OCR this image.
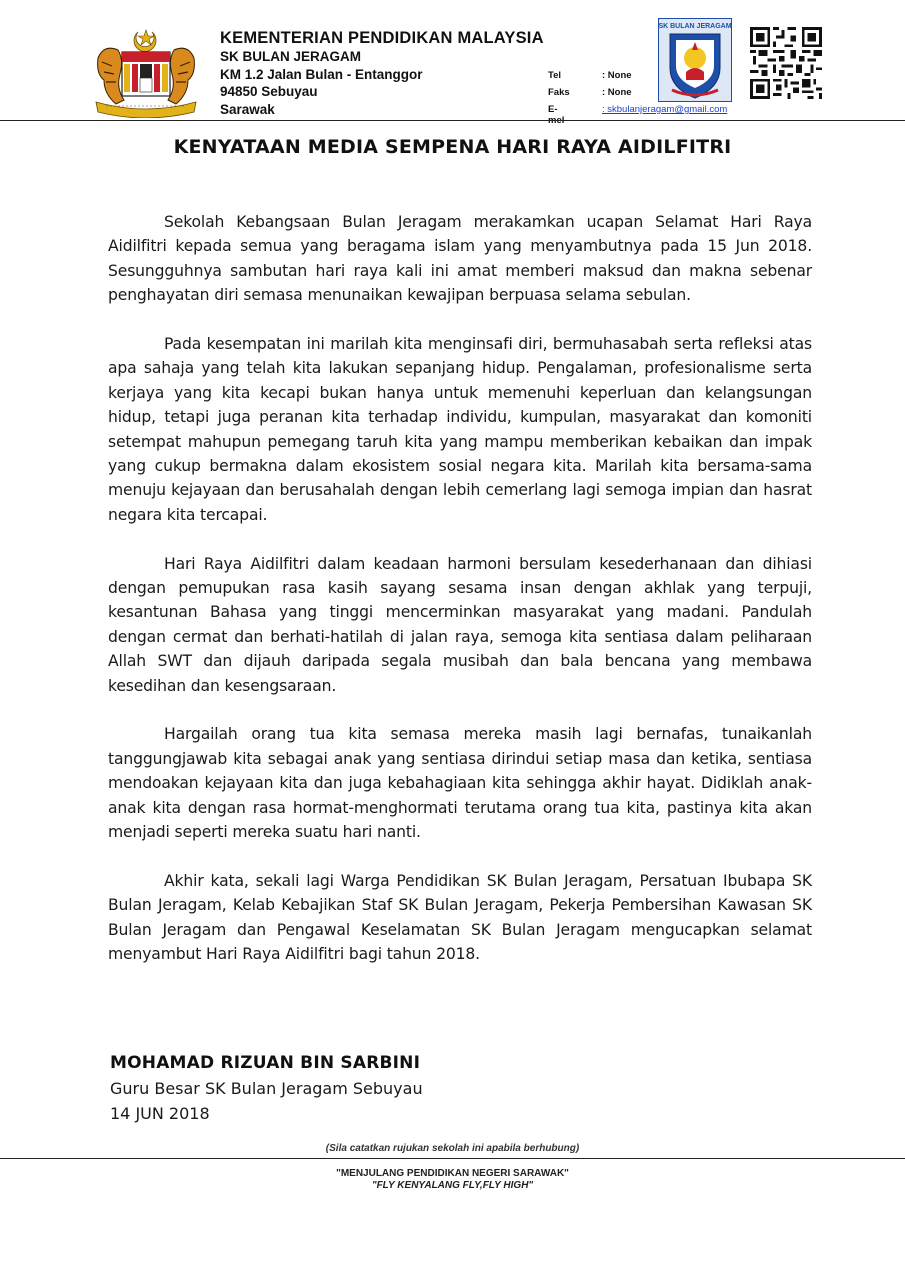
KEMENTERIAN PENDIDIKAN MALAYSIA
SK BULAN JERAGAM
KM 1.2 Jalan Bulan - Entanggor
94850 Sebuyau
Sarawak
Tel	: None
Faks	: None
E-mel
: skbulanjeragam@gmail.com
SK BULAN JERAGAM
KENYATAAN MEDIA SEMPENA HARI RAYA AIDILFITRI

Sekolah Kebangsaan Bulan Jeragam merakamkan ucapan Selamat Hari Raya Aidilfitri kepada semua yang beragama islam yang menyambutnya pada 15 Jun 2018. Sesungguhnya sambutan hari raya kali ini amat memberi maksud dan makna sebenar penghayatan diri semasa menunaikan kewajipan berpuasa selama sebulan.

Pada kesempatan ini marilah kita menginsafi diri, bermuhasabah serta refleksi atas apa sahaja yang telah kita lakukan sepanjang hidup. Pengalaman, profesionalisme serta kerjaya yang kita kecapi bukan hanya untuk memenuhi keperluan dan kelangsungan hidup, tetapi juga peranan kita terhadap individu, kumpulan, masyarakat dan komoniti setempat mahupun pemegang taruh kita yang mampu memberikan kebaikan dan impak yang cukup bermakna dalam ekosistem sosial negara kita. Marilah kita bersama-sama menuju kejayaan dan berusahalah dengan lebih cemerlang lagi semoga impian dan hasrat negara kita tercapai.

Hari Raya Aidilfitri dalam keadaan harmoni bersulam kesederhanaan dan dihiasi dengan pemupukan rasa kasih sayang sesama insan dengan akhlak yang terpuji, kesantunan Bahasa yang tinggi mencerminkan masyarakat yang madani. Pandulah dengan cermat dan berhati-hatilah di jalan raya, semoga kita sentiasa dalam peliharaan Allah SWT dan dijauh daripada segala musibah dan bala bencana yang membawa kesedihan dan kesengsaraan.

Hargailah orang tua kita semasa mereka masih lagi bernafas, tunaikanlah tanggungjawab kita sebagai anak yang sentiasa dirindui setiap masa dan ketika, sentiasa mendoakan kejayaan kita dan juga kebahagiaan kita sehingga akhir hayat. Didiklah anak-anak kita dengan rasa hormat-menghormati terutama orang tua kita, pastinya kita akan menjadi seperti mereka suatu hari nanti.

Akhir kata, sekali lagi Warga Pendidikan SK Bulan Jeragam, Persatuan Ibubapa SK Bulan Jeragam, Kelab Kebajikan Staf SK Bulan Jeragam, Pekerja Pembersihan Kawasan SK Bulan Jeragam dan Pengawal Keselamatan SK Bulan Jeragam mengucapkan selamat menyambut Hari Raya Aidilfitri bagi tahun 2018.

MOHAMAD RIZUAN BIN SARBINI
Guru Besar SK Bulan Jeragam Sebuyau
14 JUN 2018
(Sila catatkan rujukan sekolah ini apabila berhubung)
"MENJULANG PENDIDIKAN NEGERI SARAWAK"
"FLY KENYALANG FLY,FLY HIGH"
